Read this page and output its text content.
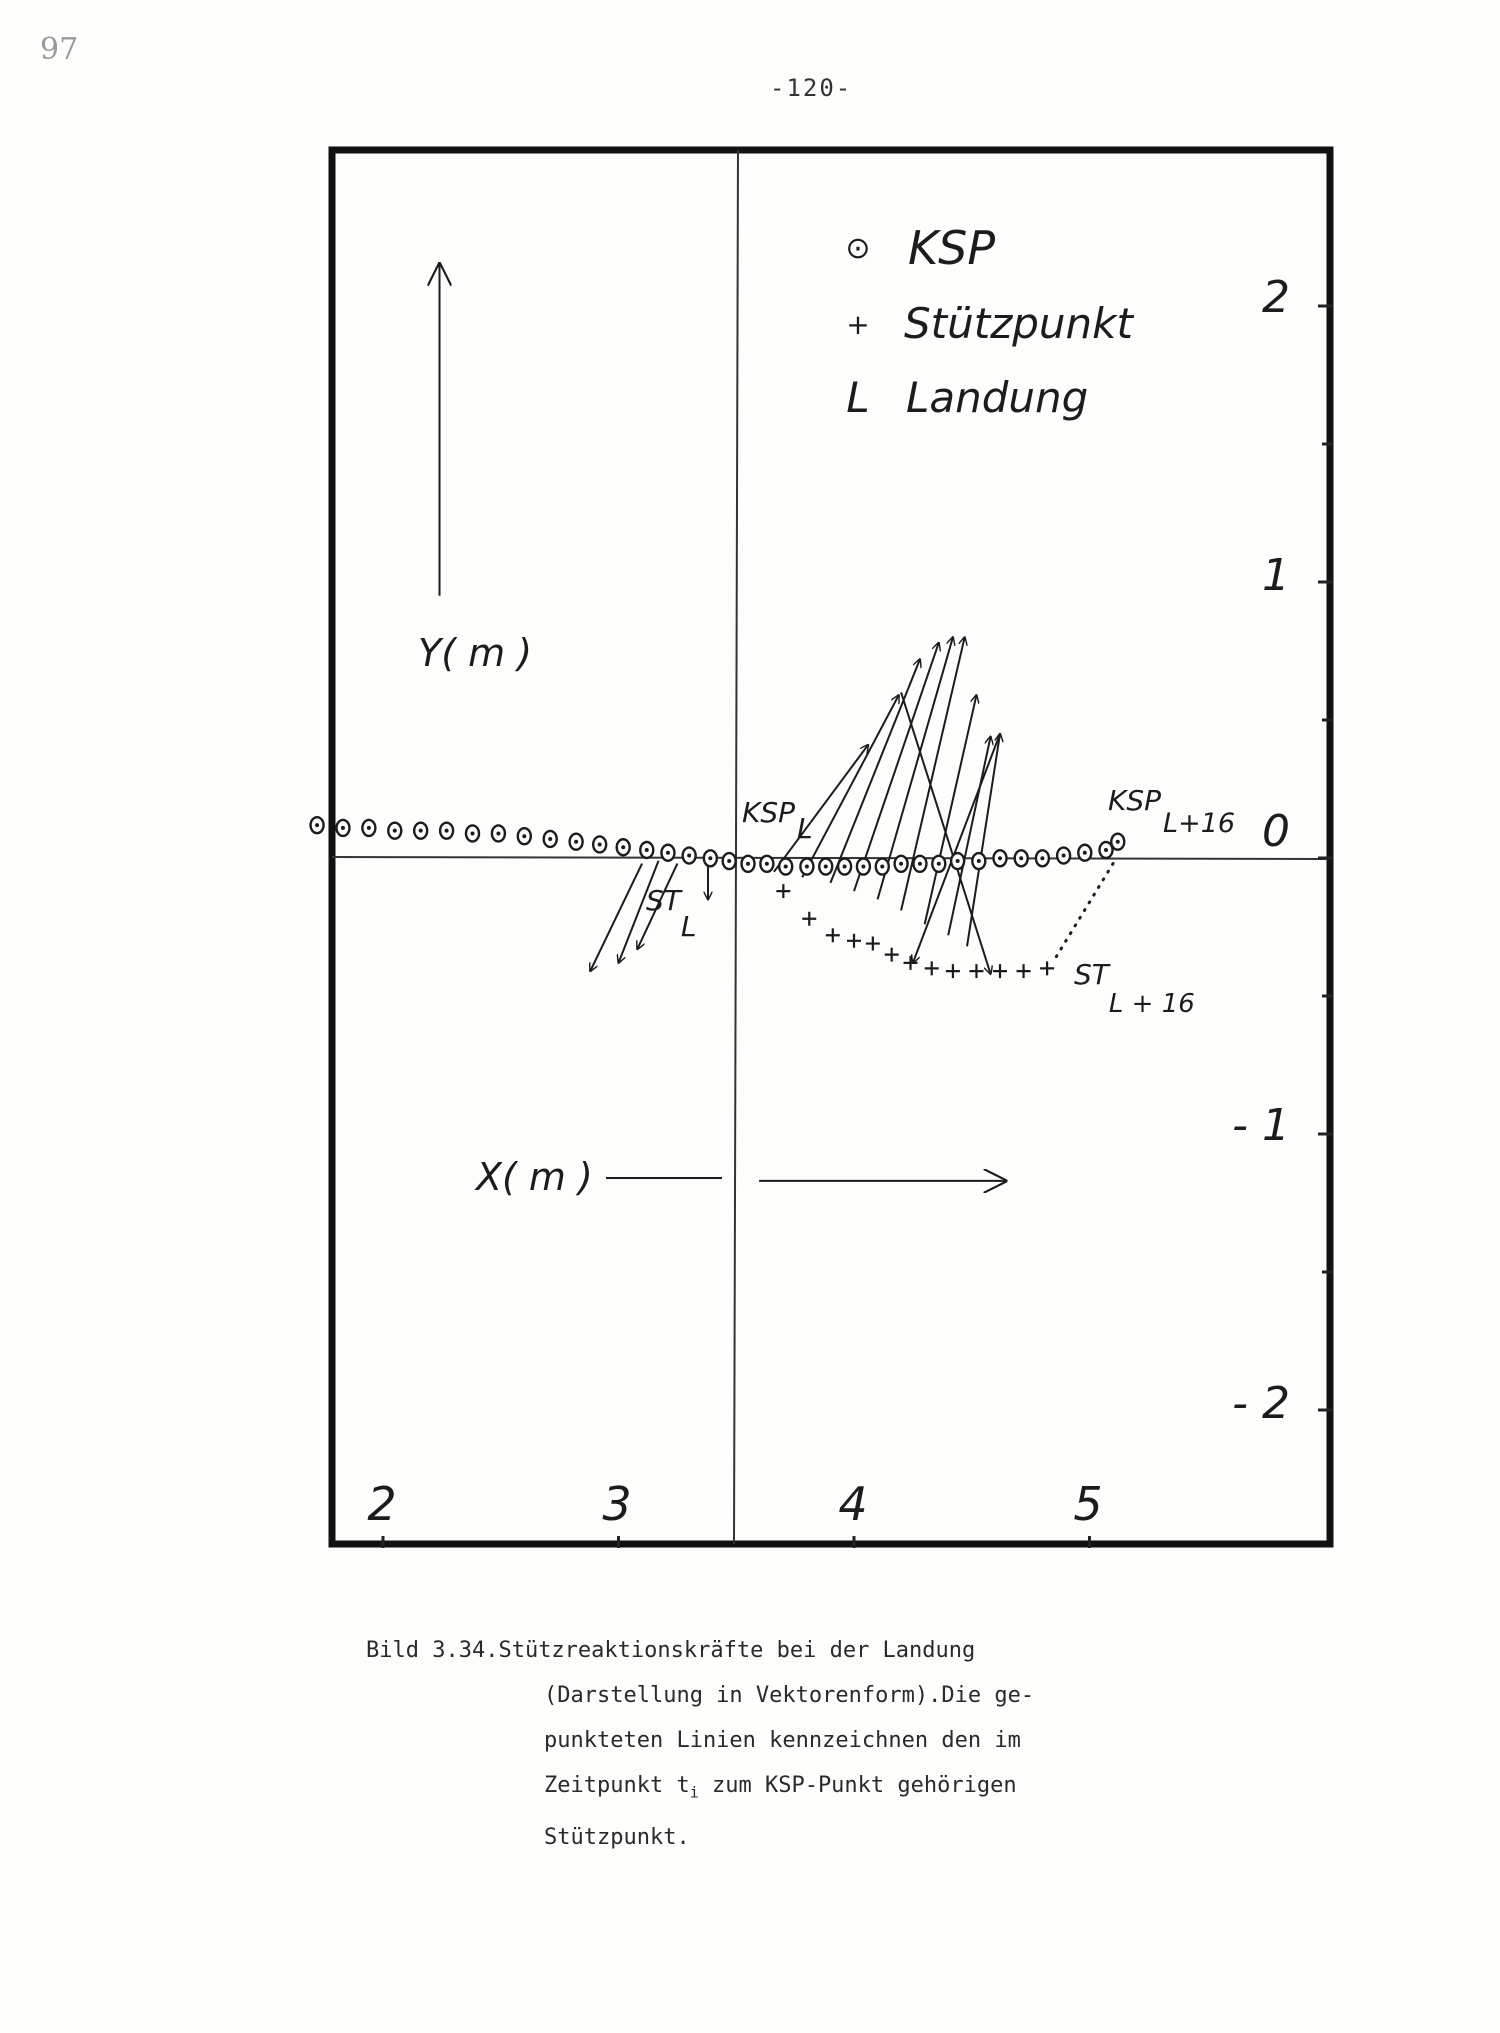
97
-120-
2
1
0
- 1
- 2
2	3	4	5
Y( m )
X( m )
⊙ KSP
+ Stützpunkt
L Landung
KSPL
STL
KSPL+16
STL + 16
Bild 3.34.Stützreaktionskräfte bei der Landung
(Darstellung in Vektorenform).Die ge-
punkteten Linien kennzeichnen den im
Zeitpunkt $t_i$ zum KSP-Punkt gehörigen
Stützpunkt.
